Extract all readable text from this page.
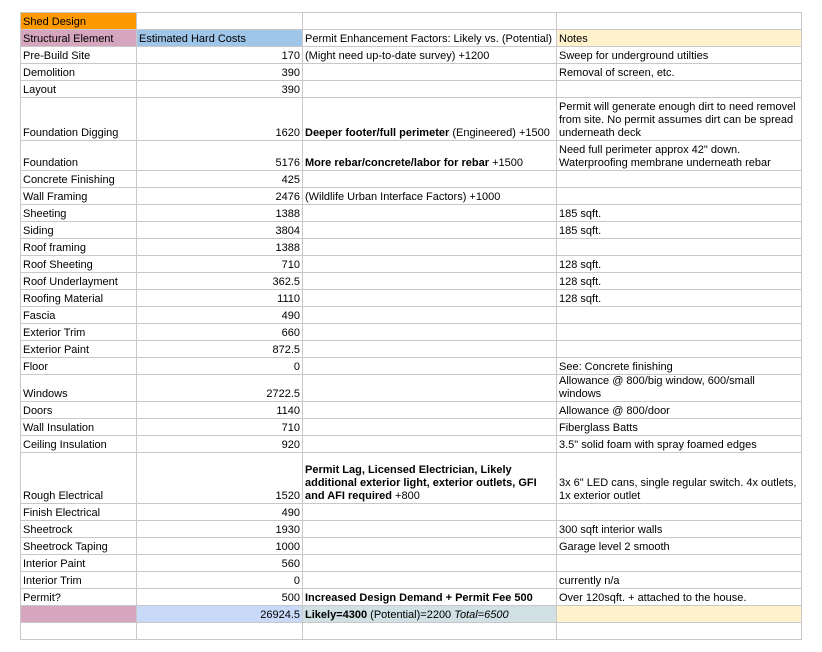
Shed Design			
Structural Element	Estimated Hard Costs	Permit Enhancement Factors: Likely vs. (Potential)	Notes
Pre-Build Site	170	(Might need up-to-date survey) +1200	Sweep for underground utilties
Demolition	390		Removal of screen, etc.
Layout	390		
Foundation Digging	1620	Deeper footer/full perimeter (Engineered) +1500	Permit will generate enough dirt to need removel from site. No permit assumes dirt can be spread underneath deck
Foundation	5176	More rebar/concrete/labor for rebar +1500	Need full perimeter approx 42" down. Waterproofing membrane underneath rebar
Concrete Finishing	425		
Wall Framing	2476	(Wildlife Urban Interface Factors) +1000	
Sheeting	1388		185 sqft.
Siding	3804		185 sqft.
Roof framing	1388		
Roof Sheeting	710		128 sqft.
Roof Underlayment	362.5		128 sqft.
Roofing Material	1110		128 sqft.
Fascia	490		
Exterior Trim	660		
Exterior Paint	872.5		
Floor	0		See: Concrete finishing
Windows	2722.5		Allowance @ 800/big window, 600/small windows
Doors	1140		Allowance @ 800/door
Wall Insulation	710		Fiberglass Batts
Ceiling Insulation	920		3.5" solid foam with spray foamed edges
Rough Electrical	1520	Permit Lag, Licensed Electrician, Likely additional exterior light, exterior outlets, GFI and AFI required +800	3x 6" LED cans, single regular switch. 4x outlets, 1x exterior outlet
Finish Electrical	490		
Sheetrock	1930		300 sqft interior walls
Sheetrock Taping	1000		Garage level 2 smooth
Interior Paint	560		
Interior Trim	0		currently n/a
Permit?	500	Increased Design Demand + Permit Fee 500	Over 120sqft. + attached to the house.
	26924.5	Likely=4300 (Potential)=2200 Total=6500	
